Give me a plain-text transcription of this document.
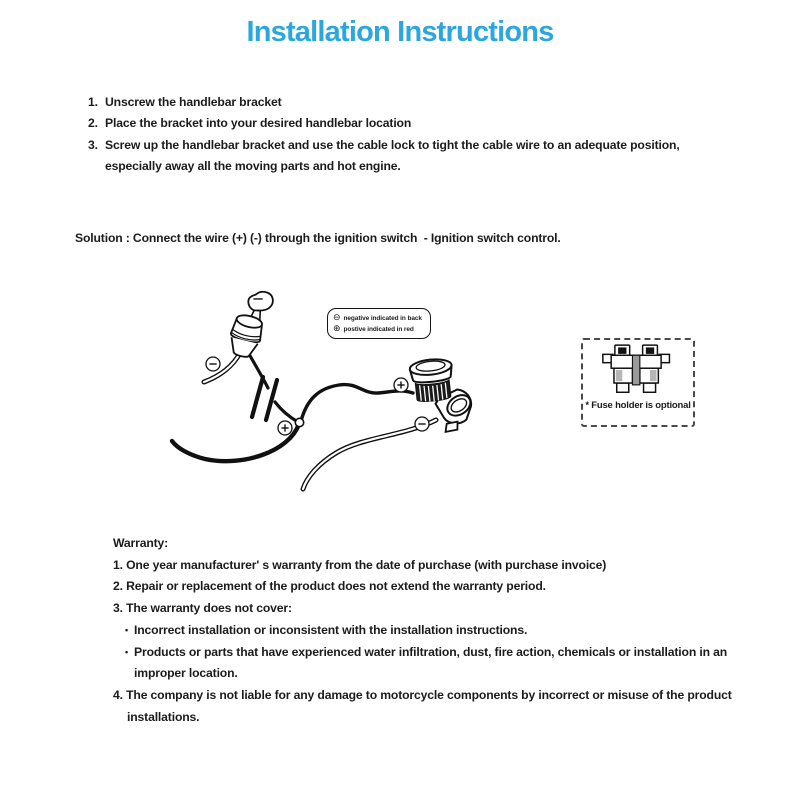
Installation Instructions
1. Unscrew the handlebar bracket
2. Place the bracket into your desired handlebar location
3. Screw up the handlebar bracket and use the cable lock to tight the cable wire to an adequate position, especially away all the moving parts and hot engine.

Solution : Connect the wire (+) (-) through the ignition switch  - Ignition switch control.

⊖ negative indicated in back
⊕ postive indicated in red
* Fuse holder is optional
Warranty:
1. One year manufacturer' s warranty from the date of purchase (with purchase invoice)
2. Repair or replacement of the product does not extend the warranty period.
3. The warranty does not cover:
• Incorrect installation or inconsistent with the installation instructions.
• Products or parts that have experienced water infiltration, dust, fire action, chemicals or installation in an improper location.
4. The company is not liable for any damage to motorcycle components by incorrect or misuse of the product installations.
